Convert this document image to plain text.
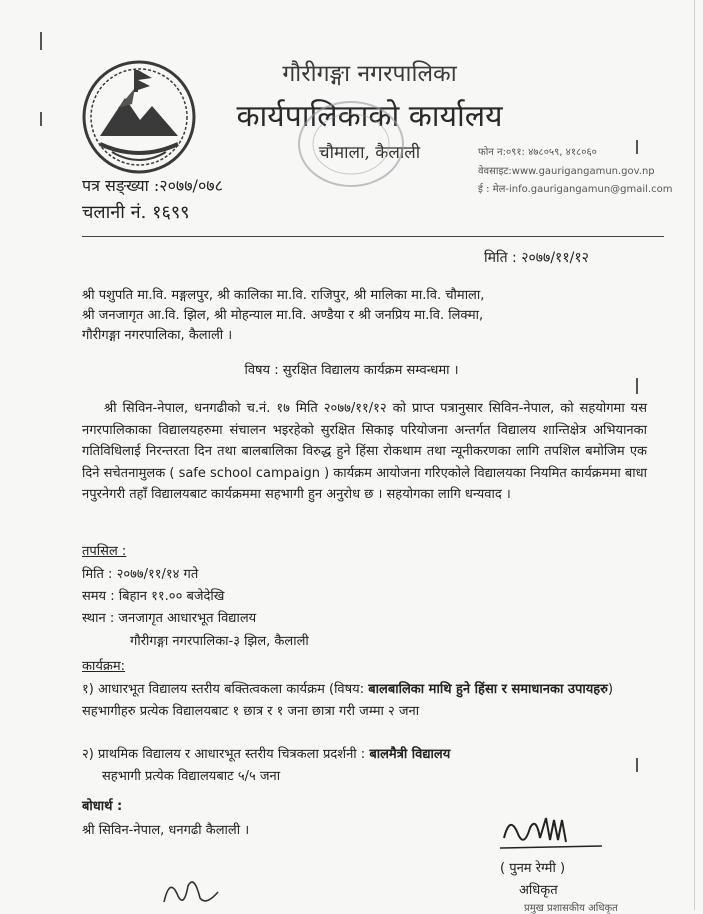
गौरीगङ्गा नगरपालिका
कार्यपालिकाको कार्यालय
चौमाला, कैलाली
पत्र सङ्ख्या :२०७७/०७८
चलानी नं. १६९९
फोन न:०९१: ४७८०५९, ४१८०६०
वेवसाइट:www.gaurigangamun.gov.np
ई : मेल-info.gaurigangamun@gmail.com
मिति : २०७७/११/१२
श्री पशुपति मा.वि. मङ्गलपुर, श्री कालिका मा.वि. राजिपुर, श्री मालिका मा.वि. चौमाला,
श्री जनजागृत आ.वि. झिल, श्री मोहन्याल मा.वि. अण्डैया र श्री जनप्रिय मा.वि. लिक्मा,
गौरीगङ्गा नगरपालिका, कैलाली ।
विषय : सुरक्षित विद्यालय कार्यक्रम सम्वन्धमा ।
श्री सिविन-नेपाल, धनगढीको च.नं. १७ मिति २०७७/११/१२ को प्राप्त पत्रानुसार सिविन-नेपाल, को सहयोगमा यस नगरपालिकाका विद्यालयहरुमा संचालन भइरहेको सुरक्षित सिकाइ परियोजना अन्तर्गत विद्यालय शान्तिक्षेत्र अभियानका गतिविधिलाई निरन्तरता दिन तथा बालबालिका विरुद्ध हुने हिंसा रोकथाम तथा न्यूनीकरणका लागि तपशिल बमोजिम एक दिने सचेतनामुलक ( safe school campaign ) कार्यक्रम आयोजना गरिएकोले विद्यालयका नियमित कार्यक्रममा बाधा नपुरनेगरी तहाँ विद्यालयबाट कार्यक्रममा सहभागी हुन अनुरोध छ । सहयोगका लागि धन्यवाद ।
तपसिल :
मिति : २०७७/११/१४ गते
समय : बिहान ११.०० बजेदेखि
स्थान : जनजागृत आधारभूत विद्यालय
गौरीगङ्गा नगरपालिका-३ झिल, कैलाली
कार्यक्रम:
१) आधारभूत विद्यालय स्तरीय बक्तित्वकला कार्यक्रम (विषय: बालबालिका माथि हुने हिंसा र समाधानका उपायहरु) सहभागीहरु प्रत्येक विद्यालयबाट १ छात्र र १ जना छात्रा गरी जम्मा २ जना
२) प्राथमिक विद्यालय र आधारभूत स्तरीय चित्रकला प्रदर्शनी : बालमैत्री विद्यालय
सहभागी प्रत्येक विद्यालयबाट ५/५ जना
बोधार्थ :
श्री सिविन-नेपाल, धनगढी कैलाली ।
( पुनम रेग्मी )
अधिकृत
प्रमुख प्रशासकीय अधिकृत
